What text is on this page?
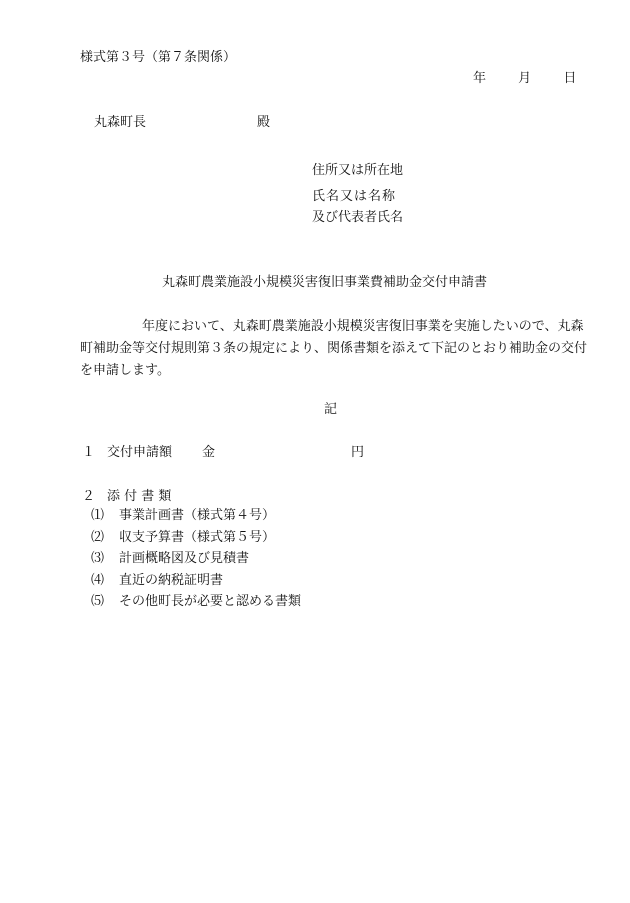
様式第３号（第７条関係）
年 月 日
丸森町長	殿
住所又は所在地
氏名又は名称
及び代表者氏名
丸森町農業施設小規模災害復旧事業費補助金交付申請書
年度において、丸森町農業施設小規模災害復旧事業を実施したいので、丸森町補助金等交付規則第３条の規定により、関係書類を添えて下記のとおり補助金の交付を申請します。
記
１ 交付申請額 金	円
２ 添 付 書 類
⑴ 事業計画書（様式第４号）
⑵ 収支予算書（様式第５号）
⑶ 計画概略図及び見積書
⑷ 直近の納税証明書
⑸ その他町長が必要と認める書類
